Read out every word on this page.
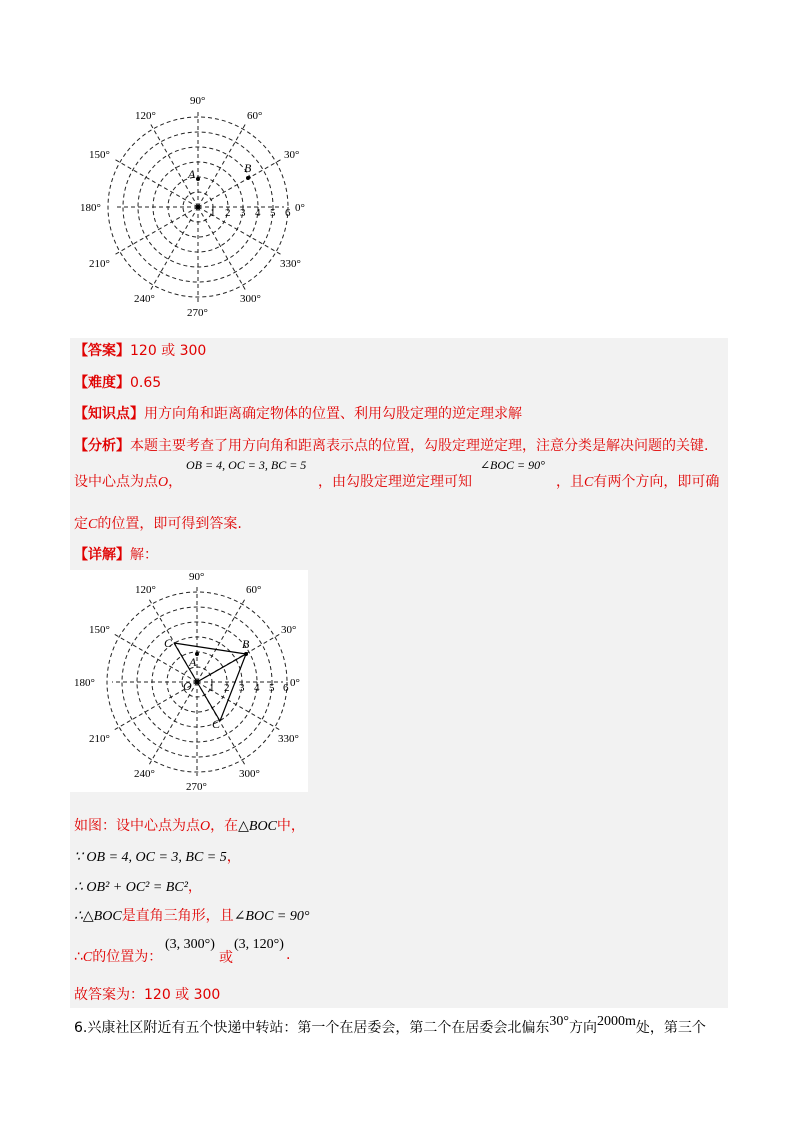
A	B
90°
60°
30°
0°
330°
300°
270°
240°
210°
180°
150°
120°
1 2 3 4 5 6
【答案】120 或 300
【难度】0.65
【知识点】用方向角和距离确定物体的位置、利用勾股定理的逆定理求解
【分析】本题主要考查了用方向角和距离表示点的位置，勾股定理逆定理，注意分类是解决问题的关键.
设中心点为点O，
OB = 4, OC = 3, BC = 5
，由勾股定理逆定理可知
∠BOC = 90°
，且C有两个方向，即可确
定C的位置，即可得到答案.
【详解】解：
A
B
C
C
O
90°
60°
30°
0°
330°
300°
270°
240°
210°
180°
150°
120°
1 2 3 4 5 6
如图：设中心点为点O，在△BOC中，
∵ OB = 4, OC = 3, BC = 5，
∴ OB² + OC² = BC²，
∴△BOC是直角三角形，且∠BOC = 90°
∴C的位置为：
(3, 300°)
或
(3, 120°)
.
故答案为：120 或 300
6.兴康社区附近有五个快递中转站：第一个在居委会，第二个在居委会北偏东30°方向2000m处，第三个
